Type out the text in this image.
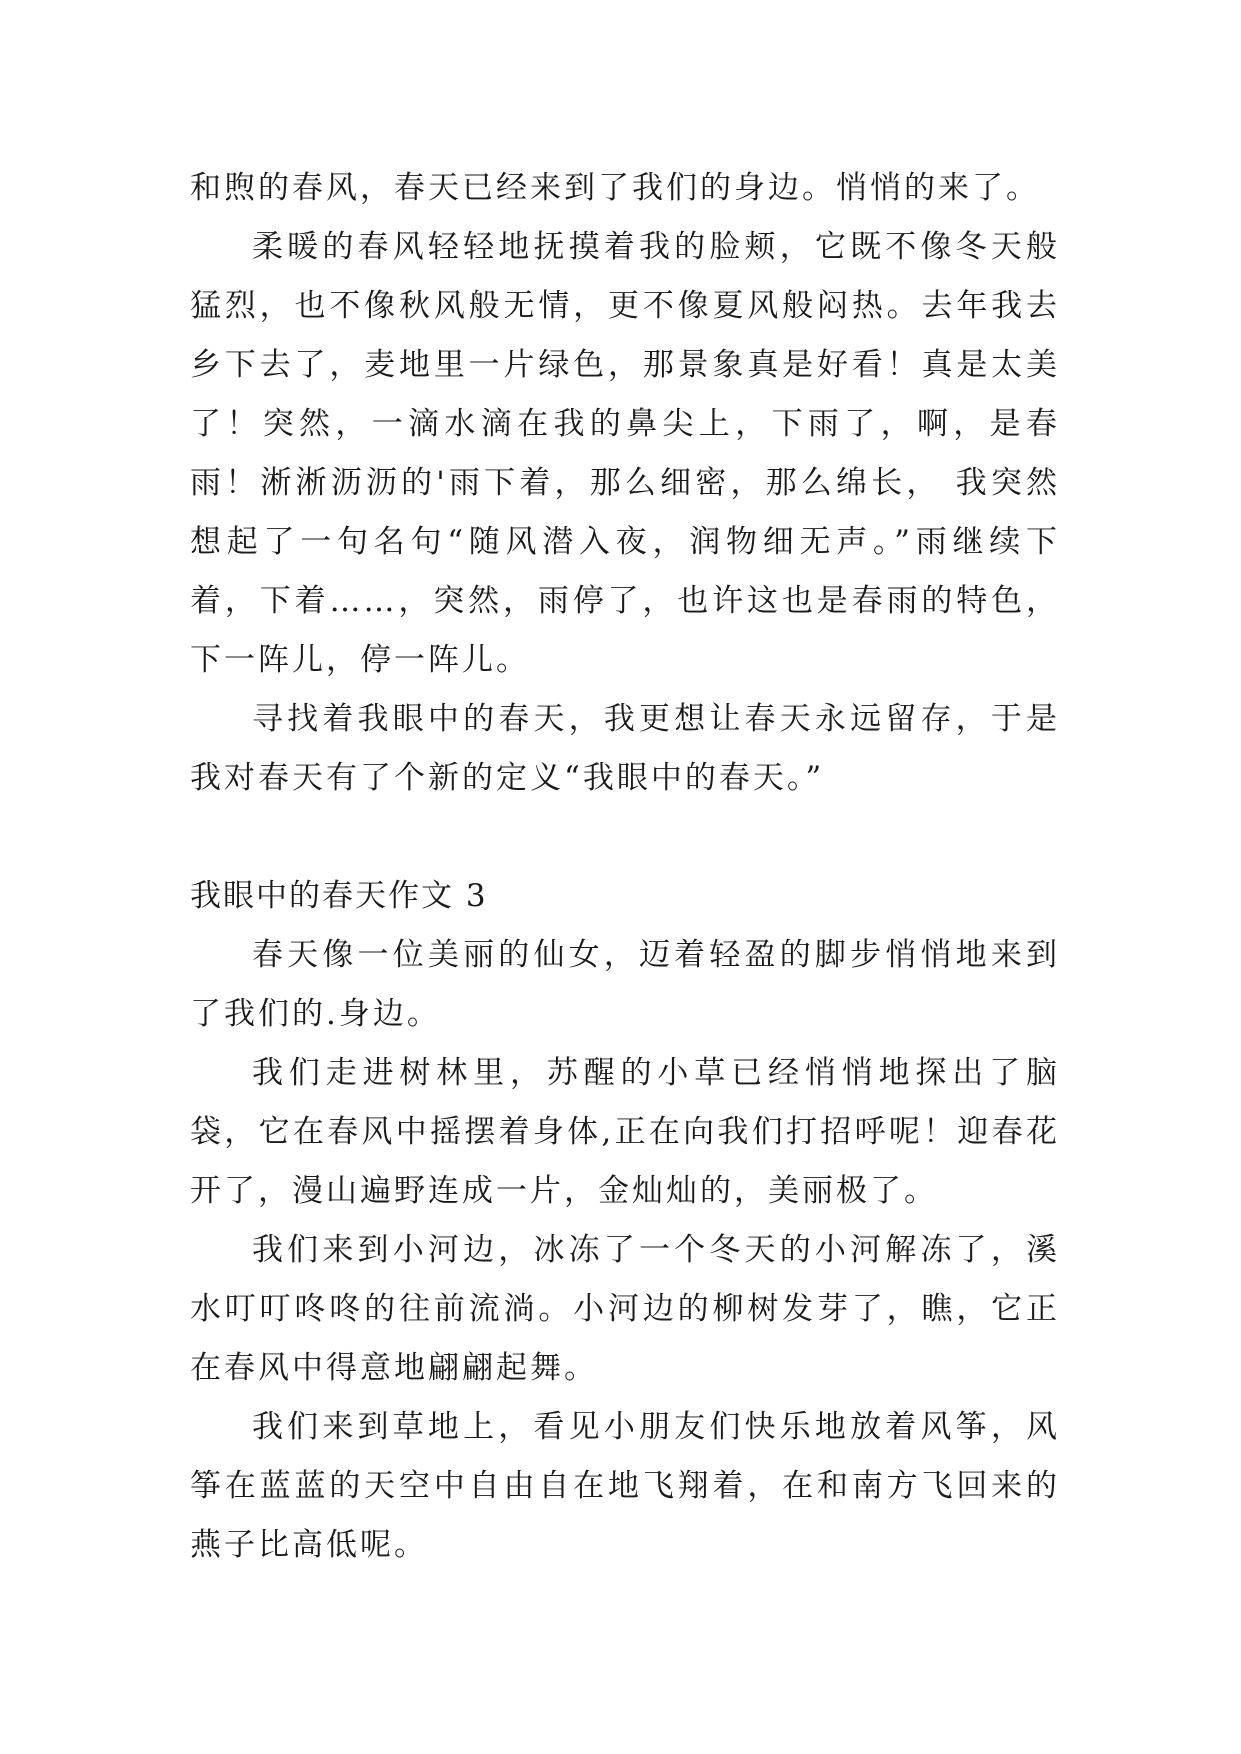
和煦的春风，春天已经来到了我们的身边。悄悄的来了。

柔暖的春风轻轻地抚摸着我的脸颊，它既不像冬天般猛烈，也不像秋风般无情，更不像夏风般闷热。去年我去乡下去了，麦地里一片绿色，那景象真是好看！真是太美了！突然，一滴水滴在我的鼻尖上，下雨了，啊，是春雨！淅淅沥沥的'雨下着，那么细密，那么绵长， 我突然想起了一句名句“随风潜入夜，润物细无声。”雨继续下着，下着……，突然，雨停了，也许这也是春雨的特色，下一阵儿，停一阵儿。

寻找着我眼中的春天，我更想让春天永远留存，于是我对春天有了个新的定义“我眼中的春天。”

我眼中的春天作文 3

春天像一位美丽的仙女，迈着轻盈的脚步悄悄地来到了我们的.身边。

我们走进树林里，苏醒的小草已经悄悄地探出了脑袋，它在春风中摇摆着身体,正在向我们打招呼呢！迎春花开了，漫山遍野连成一片，金灿灿的，美丽极了。

我们来到小河边，冰冻了一个冬天的小河解冻了，溪水叮叮咚咚的往前流淌。小河边的柳树发芽了，瞧，它正在春风中得意地翩翩起舞。

我们来到草地上，看见小朋友们快乐地放着风筝，风筝在蓝蓝的天空中自由自在地飞翔着，在和南方飞回来的燕子比高低呢。
